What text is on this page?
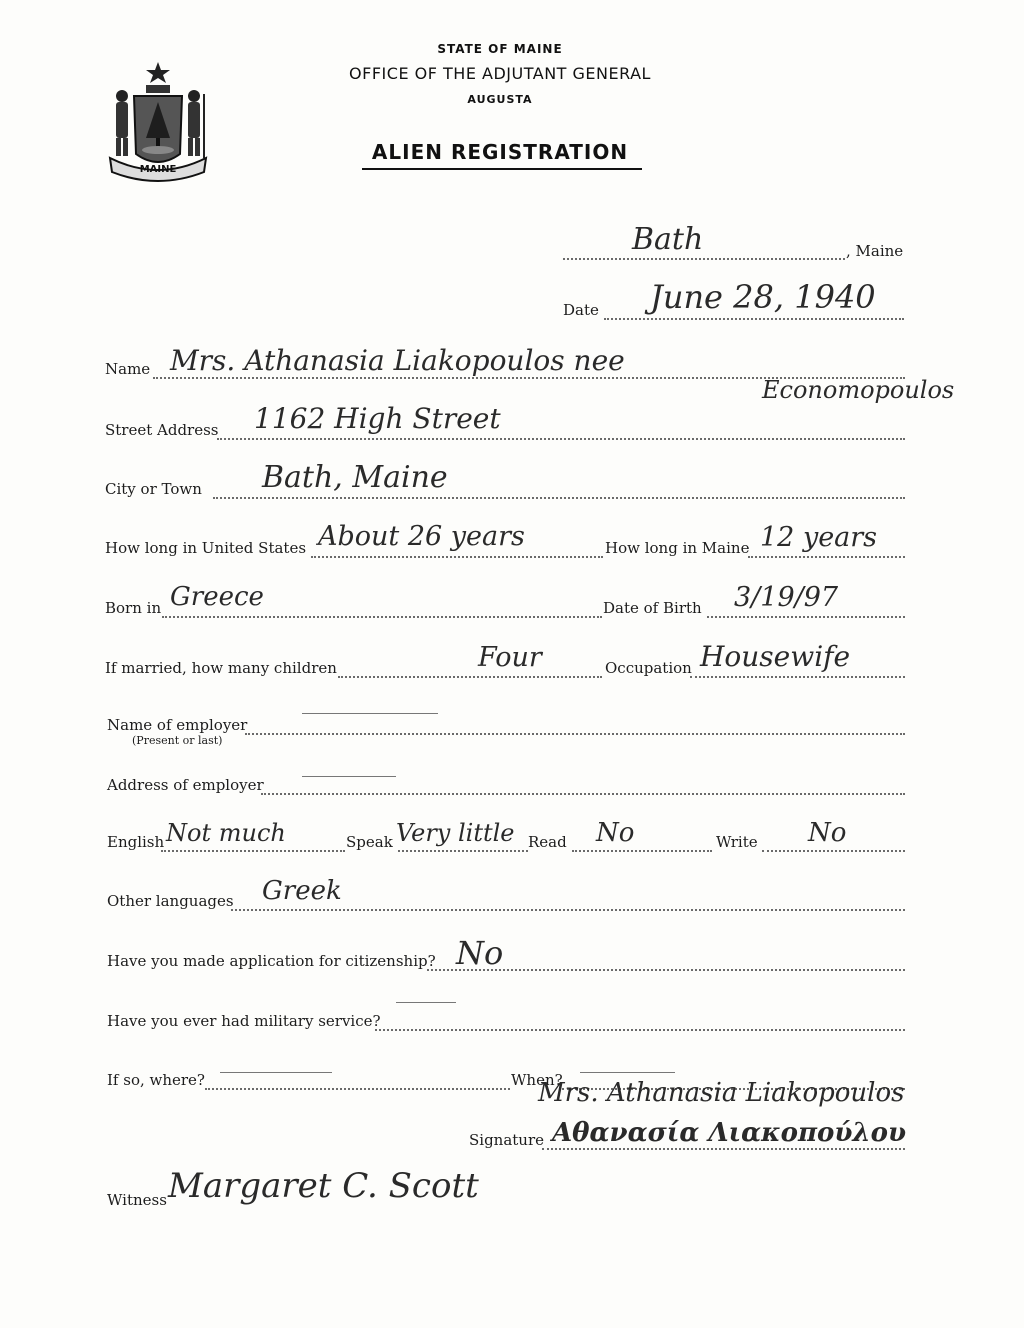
MAINE
STATE OF MAINE
OFFICE OF THE ADJUTANT GENERAL
AUGUSTA
ALIEN REGISTRATION
Bath	, Maine
Date June 28, 1940
Name Mrs. Athanasia Liakopoulos nee
Economopoulos
Street Address 1162 High Street
City or Town Bath, Maine
How long in United States About 26 years	How long in Maine 12 years
Born in Greece	Date of Birth 3/19/97
If married, how many children	Four	Occupation Housewife
Name of employer
(Present or last)
Address of employer
English Not much	Speak Very little Read No	Write No
Other languages Greek
Have you made application for citizenship? No
Have you ever had military service?
If so, where?	When?
Mrs. Athanasia Liakopoulos
Signature Αθανασία Λιακοπούλου
Witness Margaret C. Scott
